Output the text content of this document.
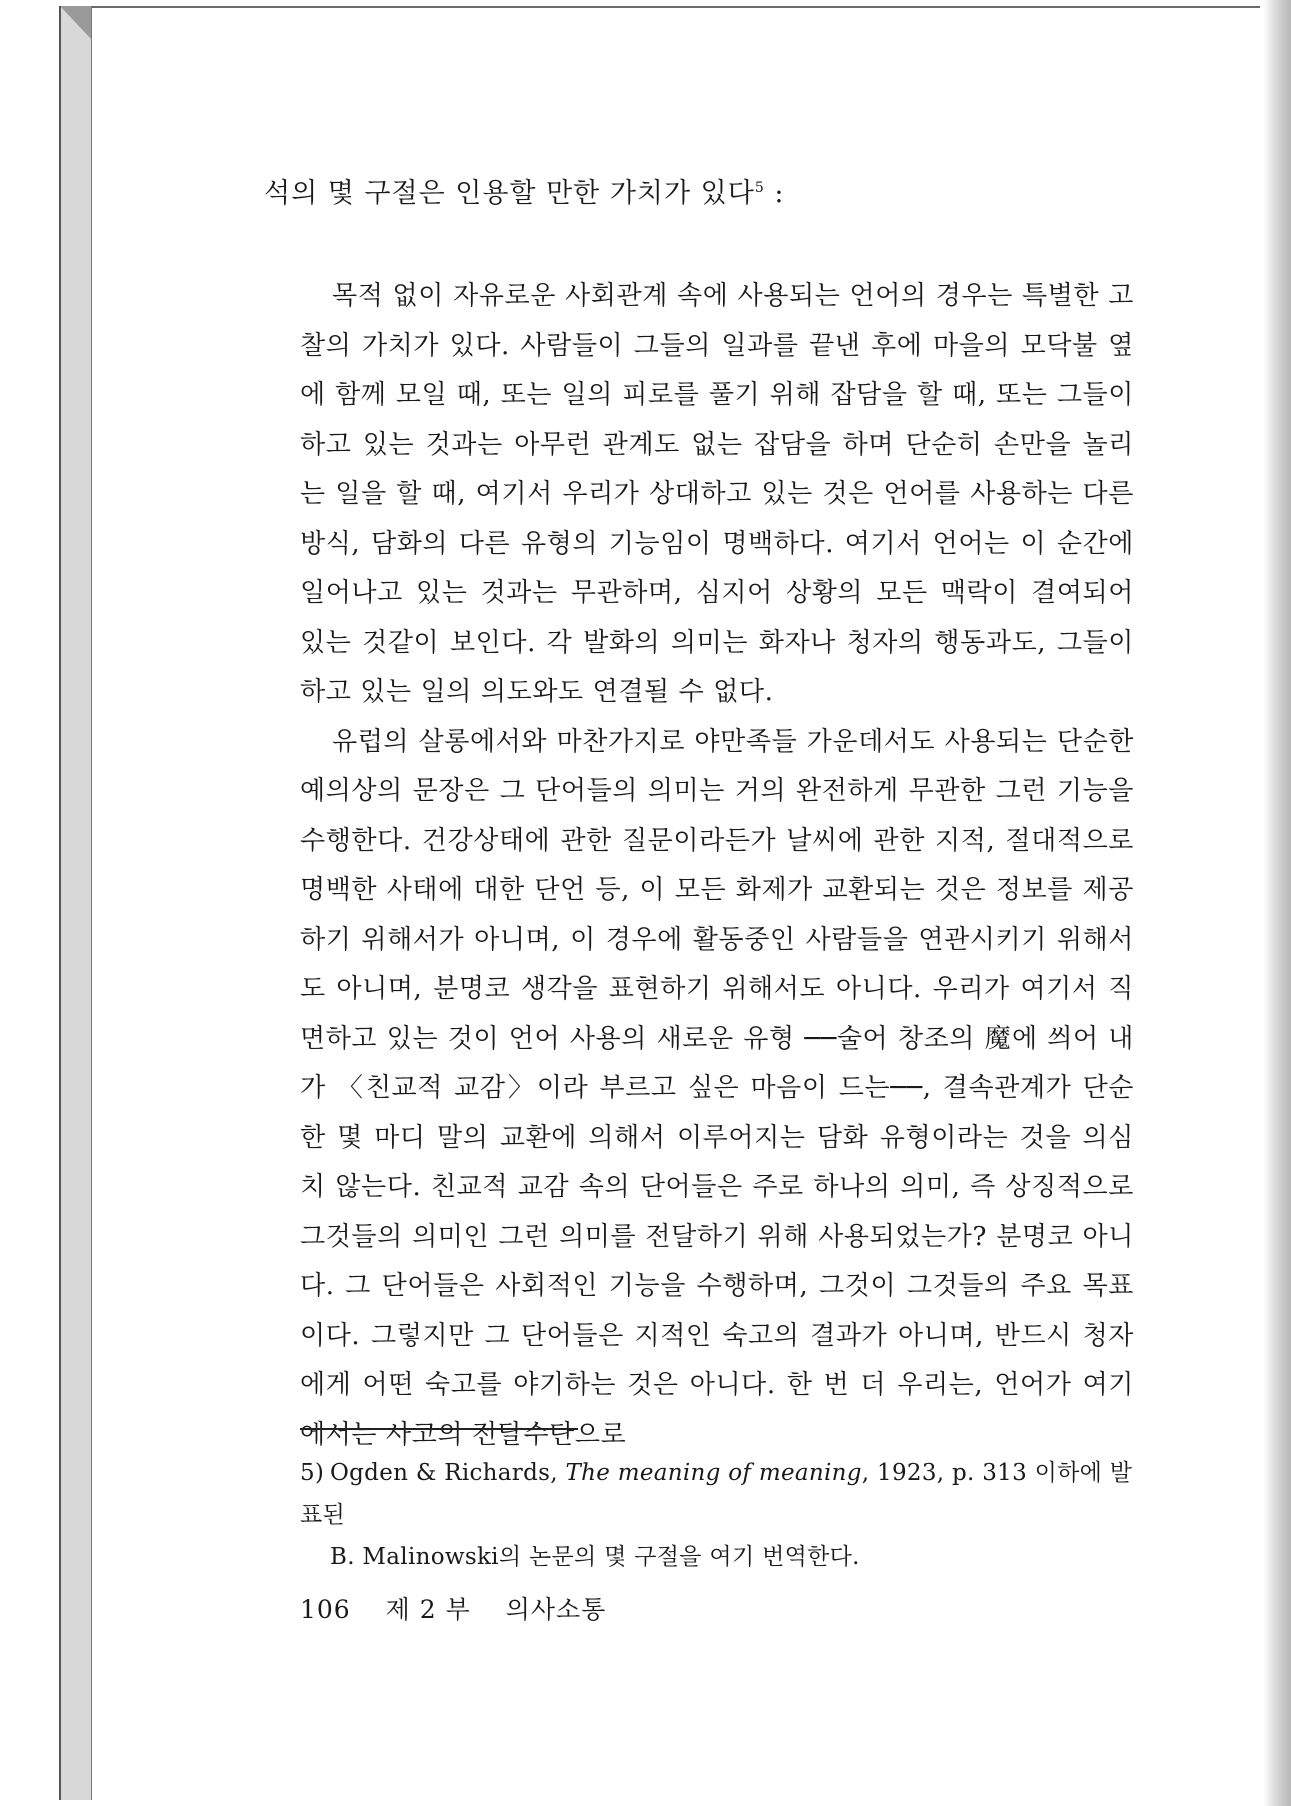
석의 몇 구절은 인용할 만한 가치가 있다$^5$ :

목적 없이 자유로운 사회관계 속에 사용되는 언어의 경우는 특별한 고찰의 가치가 있다. 사람들이 그들의 일과를 끝낸 후에 마을의 모닥불 옆에 함께 모일 때, 또는 일의 피로를 풀기 위해 잡담을 할 때, 또는 그들이 하고 있는 것과는 아무런 관계도 없는 잡담을 하며 단순히 손만을 놀리는 일을 할 때, 여기서 우리가 상대하고 있는 것은 언어를 사용하는 다른 방식, 담화의 다른 유형의 기능임이 명백하다. 여기서 언어는 이 순간에 일어나고 있는 것과는 무관하며, 심지어 상황의 모든 맥락이 결여되어 있는 것같이 보인다. 각 발화의 의미는 화자나 청자의 행동과도, 그들이 하고 있는 일의 의도와도 연결될 수 없다.

유럽의 살롱에서와 마찬가지로 야만족들 가운데서도 사용되는 단순한 예의상의 문장은 그 단어들의 의미는 거의 완전하게 무관한 그런 기능을 수행한다. 건강상태에 관한 질문이라든가 날씨에 관한 지적, 절대적으로 명백한 사태에 대한 단언 등, 이 모든 화제가 교환되는 것은 정보를 제공하기 위해서가 아니며, 이 경우에 활동중인 사람들을 연관시키기 위해서도 아니며, 분명코 생각을 표현하기 위해서도 아니다. 우리가 여기서 직면하고 있는 것이 언어 사용의 새로운 유형 ──술어 창조의 魔에 씌어 내가 〈친교적 교감〉이라 부르고 싶은 마음이 드는──, 결속관계가 단순한 몇 마디 말의 교환에 의해서 이루어지는 담화 유형이라는 것을 의심치 않는다. 친교적 교감 속의 단어들은 주로 하나의 의미, 즉 상징적으로 그것들의 의미인 그런 의미를 전달하기 위해 사용되었는가? 분명코 아니다. 그 단어들은 사회적인 기능을 수행하며, 그것이 그것들의 주요 목표이다. 그렇지만 그 단어들은 지적인 숙고의 결과가 아니며, 반드시 청자에게 어떤 숙고를 야기하는 것은 아니다. 한 번 더 우리는, 언어가 여기에서는 사고의 전달수단으로

5) Ogden & Richards, The meaning of meaning, 1923, p. 313 이하에 발표된
B. Malinowski의 논문의 몇 구절을 여기 번역한다.
106 제 2 부 의사소통
